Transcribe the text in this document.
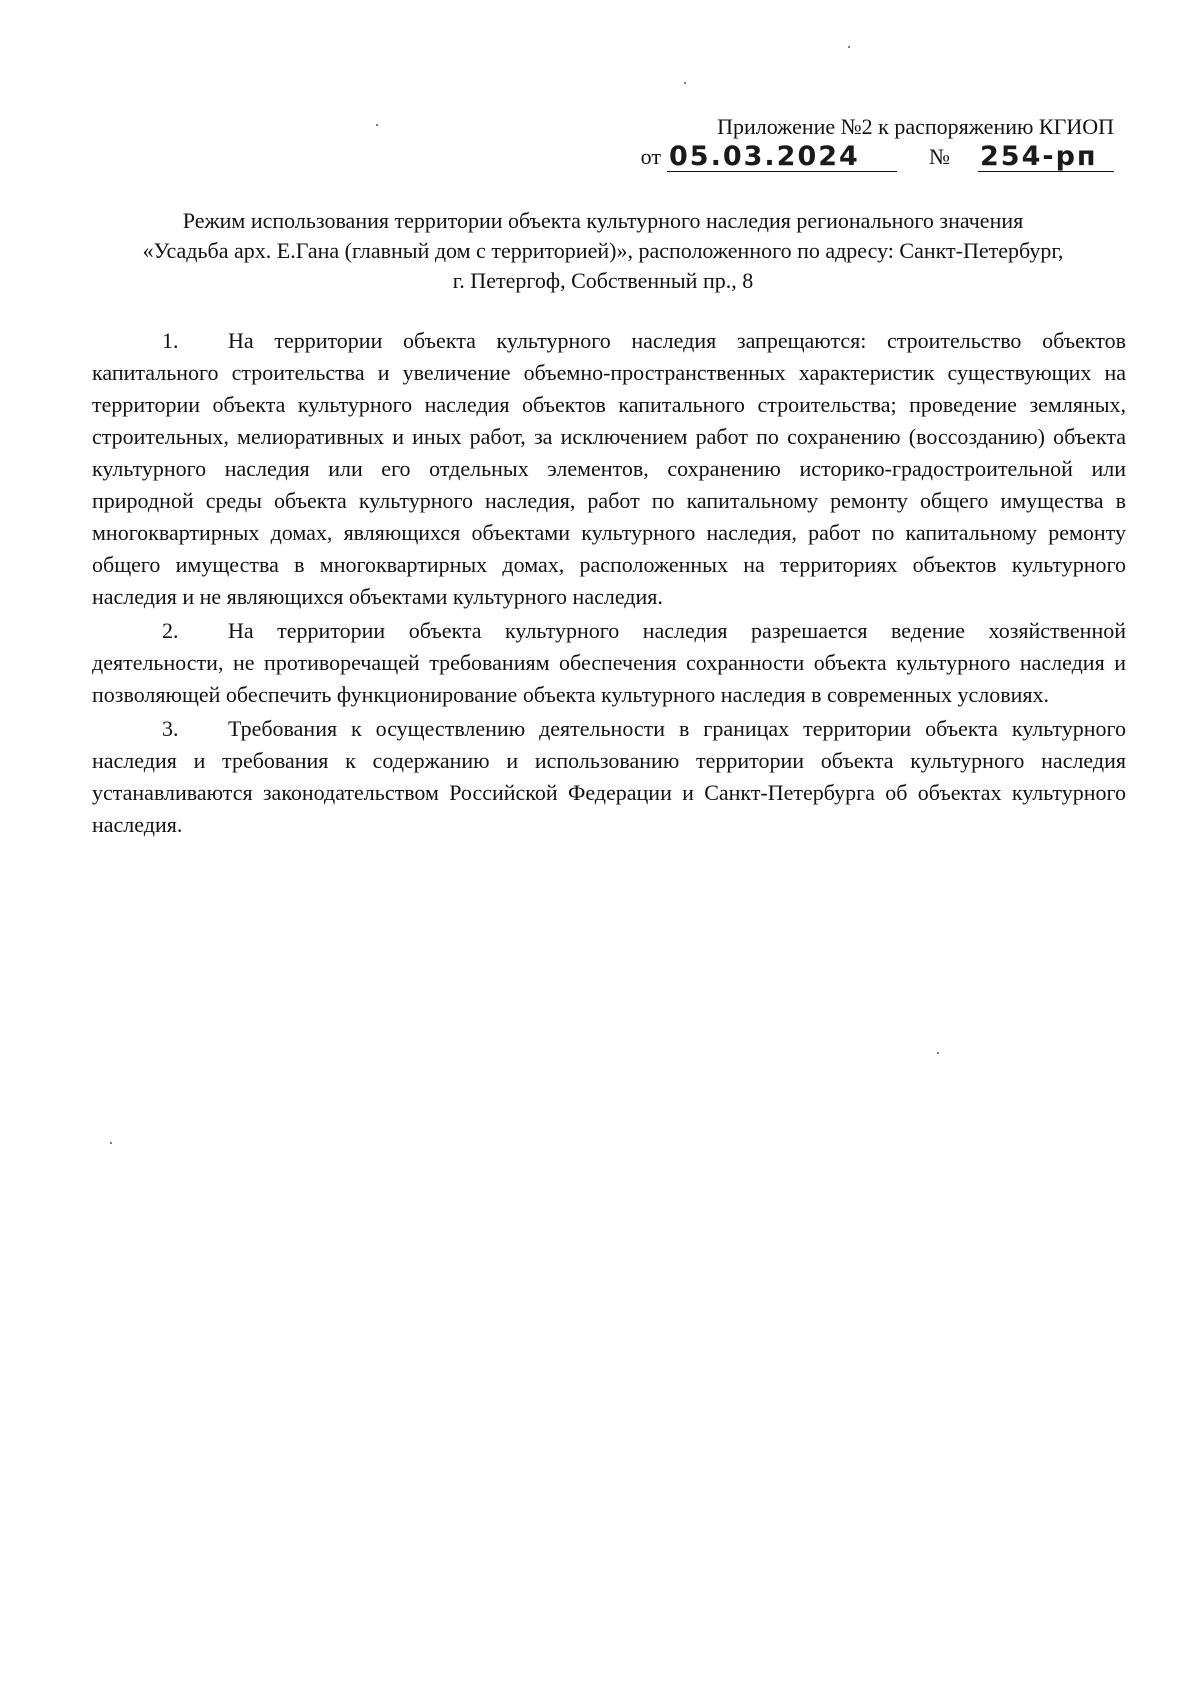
Приложение №2 к распоряжению КГИОП
от 05.03.2024	№ 254-рп
Режим использования территории объекта культурного наследия регионального значения
«Усадьба арх. Е.Гана (главный дом с территорией)», расположенного по адресу: Санкт-Петербург,
г. Петергоф, Собственный пр., 8

1. На территории объекта культурного наследия запрещаются: строительство объектов капитального строительства и увеличение объемно-пространственных характеристик существующих на территории объекта культурного наследия объектов капитального строительства; проведение земляных, строительных, мелиоративных и иных работ, за исключением работ по сохранению (воссозданию) объекта культурного наследия или его отдельных элементов, сохранению историко-градостроительной или природной среды объекта культурного наследия, работ по капитальному ремонту общего имущества в многоквартирных домах, являющихся объектами культурного наследия, работ по капитальному ремонту общего имущества в многоквартирных домах, расположенных на территориях объектов культурного наследия и не являющихся объектами культурного наследия.

2. На территории объекта культурного наследия разрешается ведение хозяйственной деятельности, не противоречащей требованиям обеспечения сохранности объекта культурного наследия и позволяющей обеспечить функционирование объекта культурного наследия в современных условиях.

3. Требования к осуществлению деятельности в границах территории объекта культурного наследия и требования к содержанию и использованию территории объекта культурного наследия устанавливаются законодательством Российской Федерации и Санкт-Петербурга об объектах культурного наследия.
